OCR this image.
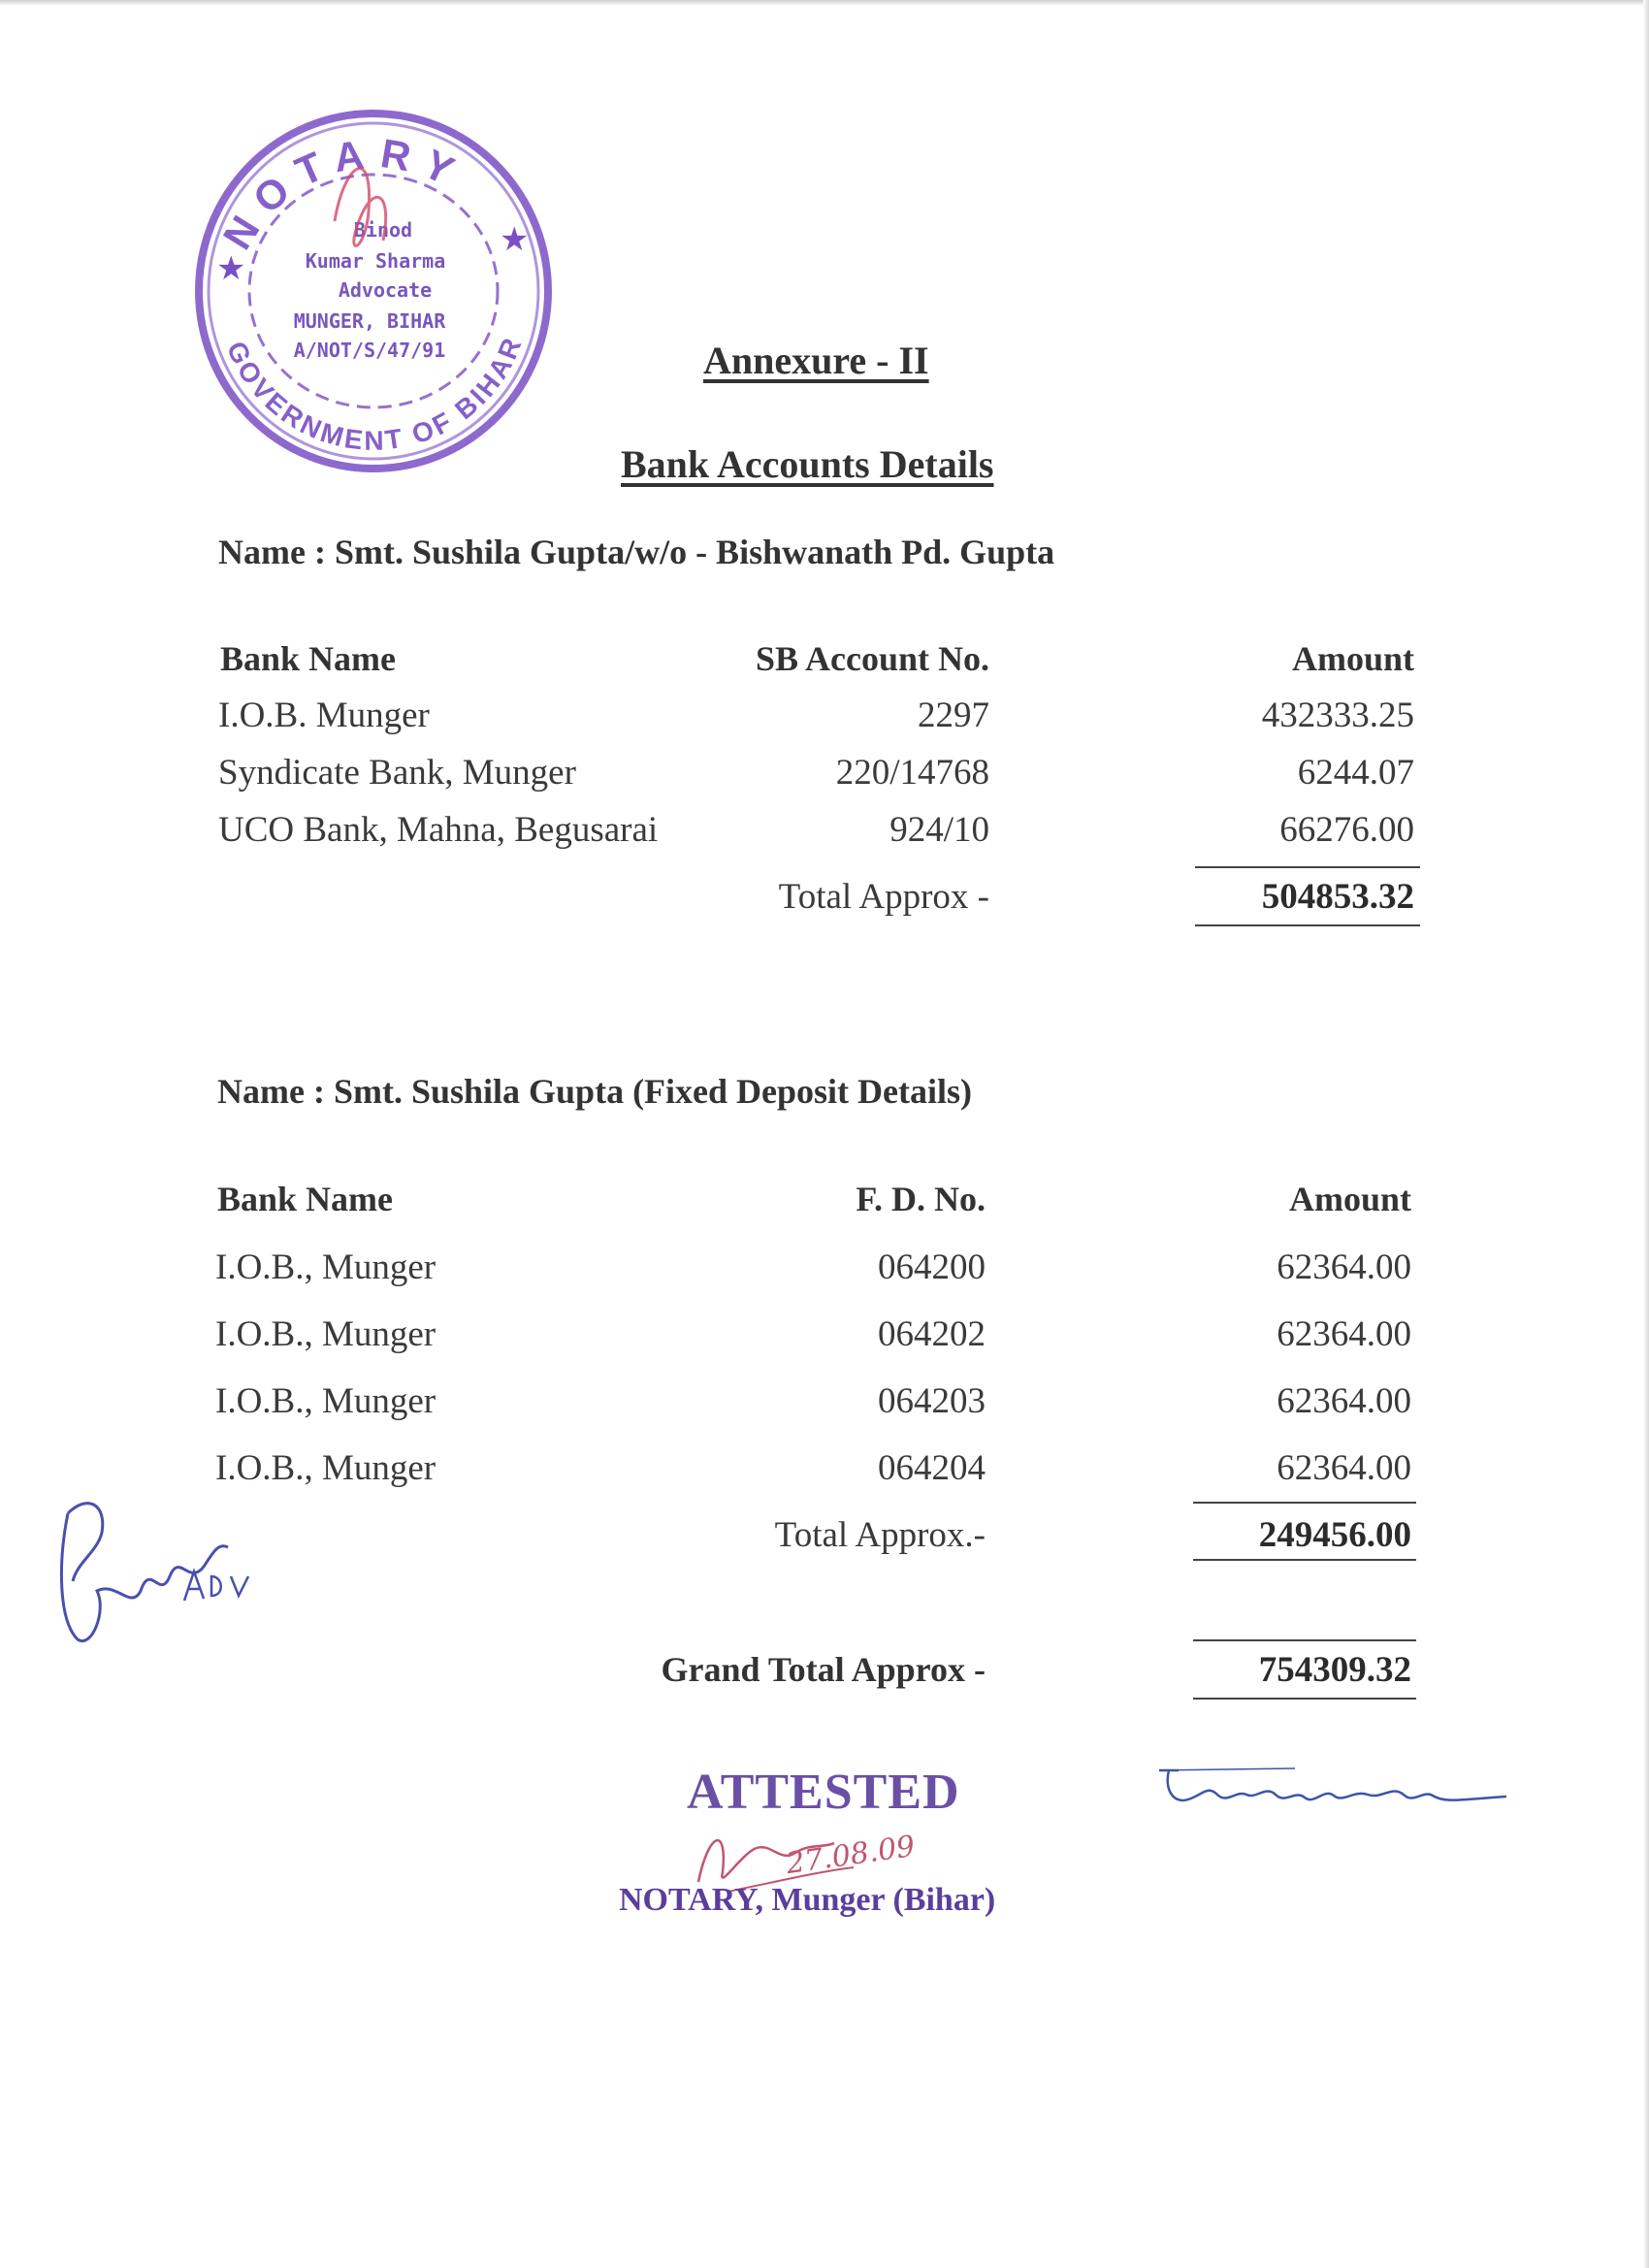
NOTARY
GOVERNMENT OF BIHAR
★
★
Binod
Kumar Sharma
Advocate
MUNGER, BIHAR
A/NOT/S/47/91	Annexure - II
Bank Accounts Details
Name : Smt. Sushila Gupta/w/o - Bishwanath Pd. Gupta
Bank Name	SB Account No.	Amount
I.O.B. Munger	2297	432333.25
Syndicate Bank, Munger	220/14768	6244.07
UCO Bank, Mahna, Begusarai	924/10	66276.00
Total Approx -	504853.32
Name : Smt. Sushila Gupta (Fixed Deposit Details)
Bank Name	F. D. No.	Amount
I.O.B., Munger	064200	62364.00
I.O.B., Munger	064202	62364.00
I.O.B., Munger	064203	62364.00
I.O.B., Munger	064204	62364.00
Total Approx.-	249456.00
Grand Total Approx -	754309.32
ATTESTED
27.08.09
NOTARY, Munger (Bihar)
